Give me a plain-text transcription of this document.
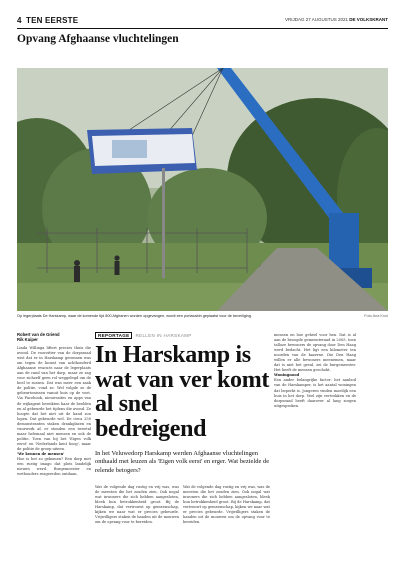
4 TEN EERSTE	VRIJDAG 27 AUGUSTUS 2021 DE VOLKSKRANT
Opvang Afghaanse vluchtelingen
Op legerplaats De Harskamp, waar de komende tijd 800 Afghanen worden opgevangen, wordt een portacabin geplaatst voor de beveiliging.	Foto Ana Knol
Robert van de Griend
Rik Kuiper
Linda Willinga liftert precies thuis die avond. De voorzitter van de dorpsraad wist dat er in Harskamp geronnen was om tegen de komst van achthonderd Afghaanse evacués naar de legerplaats aan de rand van het dorp, maar ze zag voor zichzelf geen rol weggelegd om de boel te sussen. Dat was meer een zaak de politie, vond ze. Wel volgde ze de gebeurtenissen vanuit huis op de voet. Via Facebook, nieuwssites en apps van de wijkagent bereikten haar de beelden en al gebeurde het tijdens die avond. Ze hoopte dat het niet uit de hand zou lopen. Dat gebeurde wel. De circa 250 demonstranten staken drankglazen en vuurwerk af, er stonden een tweetal maar helemaal niet mensen en ook de politie. Toen van bij het 'Eigen volk eerst' en 'Nederlands kent hoog', maar de politie de groep uiteen.
'We kennen de mensen'
Hoe is het zo gekomen? Een dorp met een rustig imago dat plots landelijk nieuws werd. Burgemeester en wethouders reageerden ontdaan.
REPORTAGE RELLEN IN HARSKAMP
In Harskamp is wat van ver komt al snel bedreigend
In het Veluwedorp Harskamp werden Afghaanse vluchtelingen onthaald met leuzen als 'Eigen volk eerst' en erger. Wat bezielde de relende betogers?
Wat de volgende dag rustig en vrij was, was de meesten die het zouden zien. Ook nogal wat inwoners die zich hebben aangesloten, bleek hun betrokkenheid groot. Bij de Harskamp, dat vertrouwt op gemeenschap, kijken we naar wat er precies gebeurde. Vrijwilligers staken de handen uit de mouwen om de opvang voor te bereiden.
Wat de volgende dag rustig en vrij was, was de meesten die het zouden zien. Ook nogal wat inwoners die zich hebben aangesloten, bleek hun betrokkenheid groot. Bij de Harskamp, dat vertrouwt op gemeenschap, kijken we naar wat er precies gebeurde. Vrijwilligers staken de handen uit de mouwen om de opvang voor te bereiden.
mensen en hoe geheel voor hen. Dat is al aan de beoogde gemeenteraad in 2005, toen talloze bewoners de opvang door Den Haag werd bedacht. Het ligt een kilometer ten noorden van de kazerne. Die Den Haag willen er alle bewoners meenemen, maar dat is niet het geval, zei de burgemeester. Het heeft de mensen geschokt.
Woningnood
Een ander belangrijke factor: het aanbod van de Harskamper, is het aantal woningen dat beperkt is. Jongeren vinden moeilijk een huis in het dorp. Veel zijn vertrokken en de dorpsraad heeft daarover al lang zorgen uitgesproken.
